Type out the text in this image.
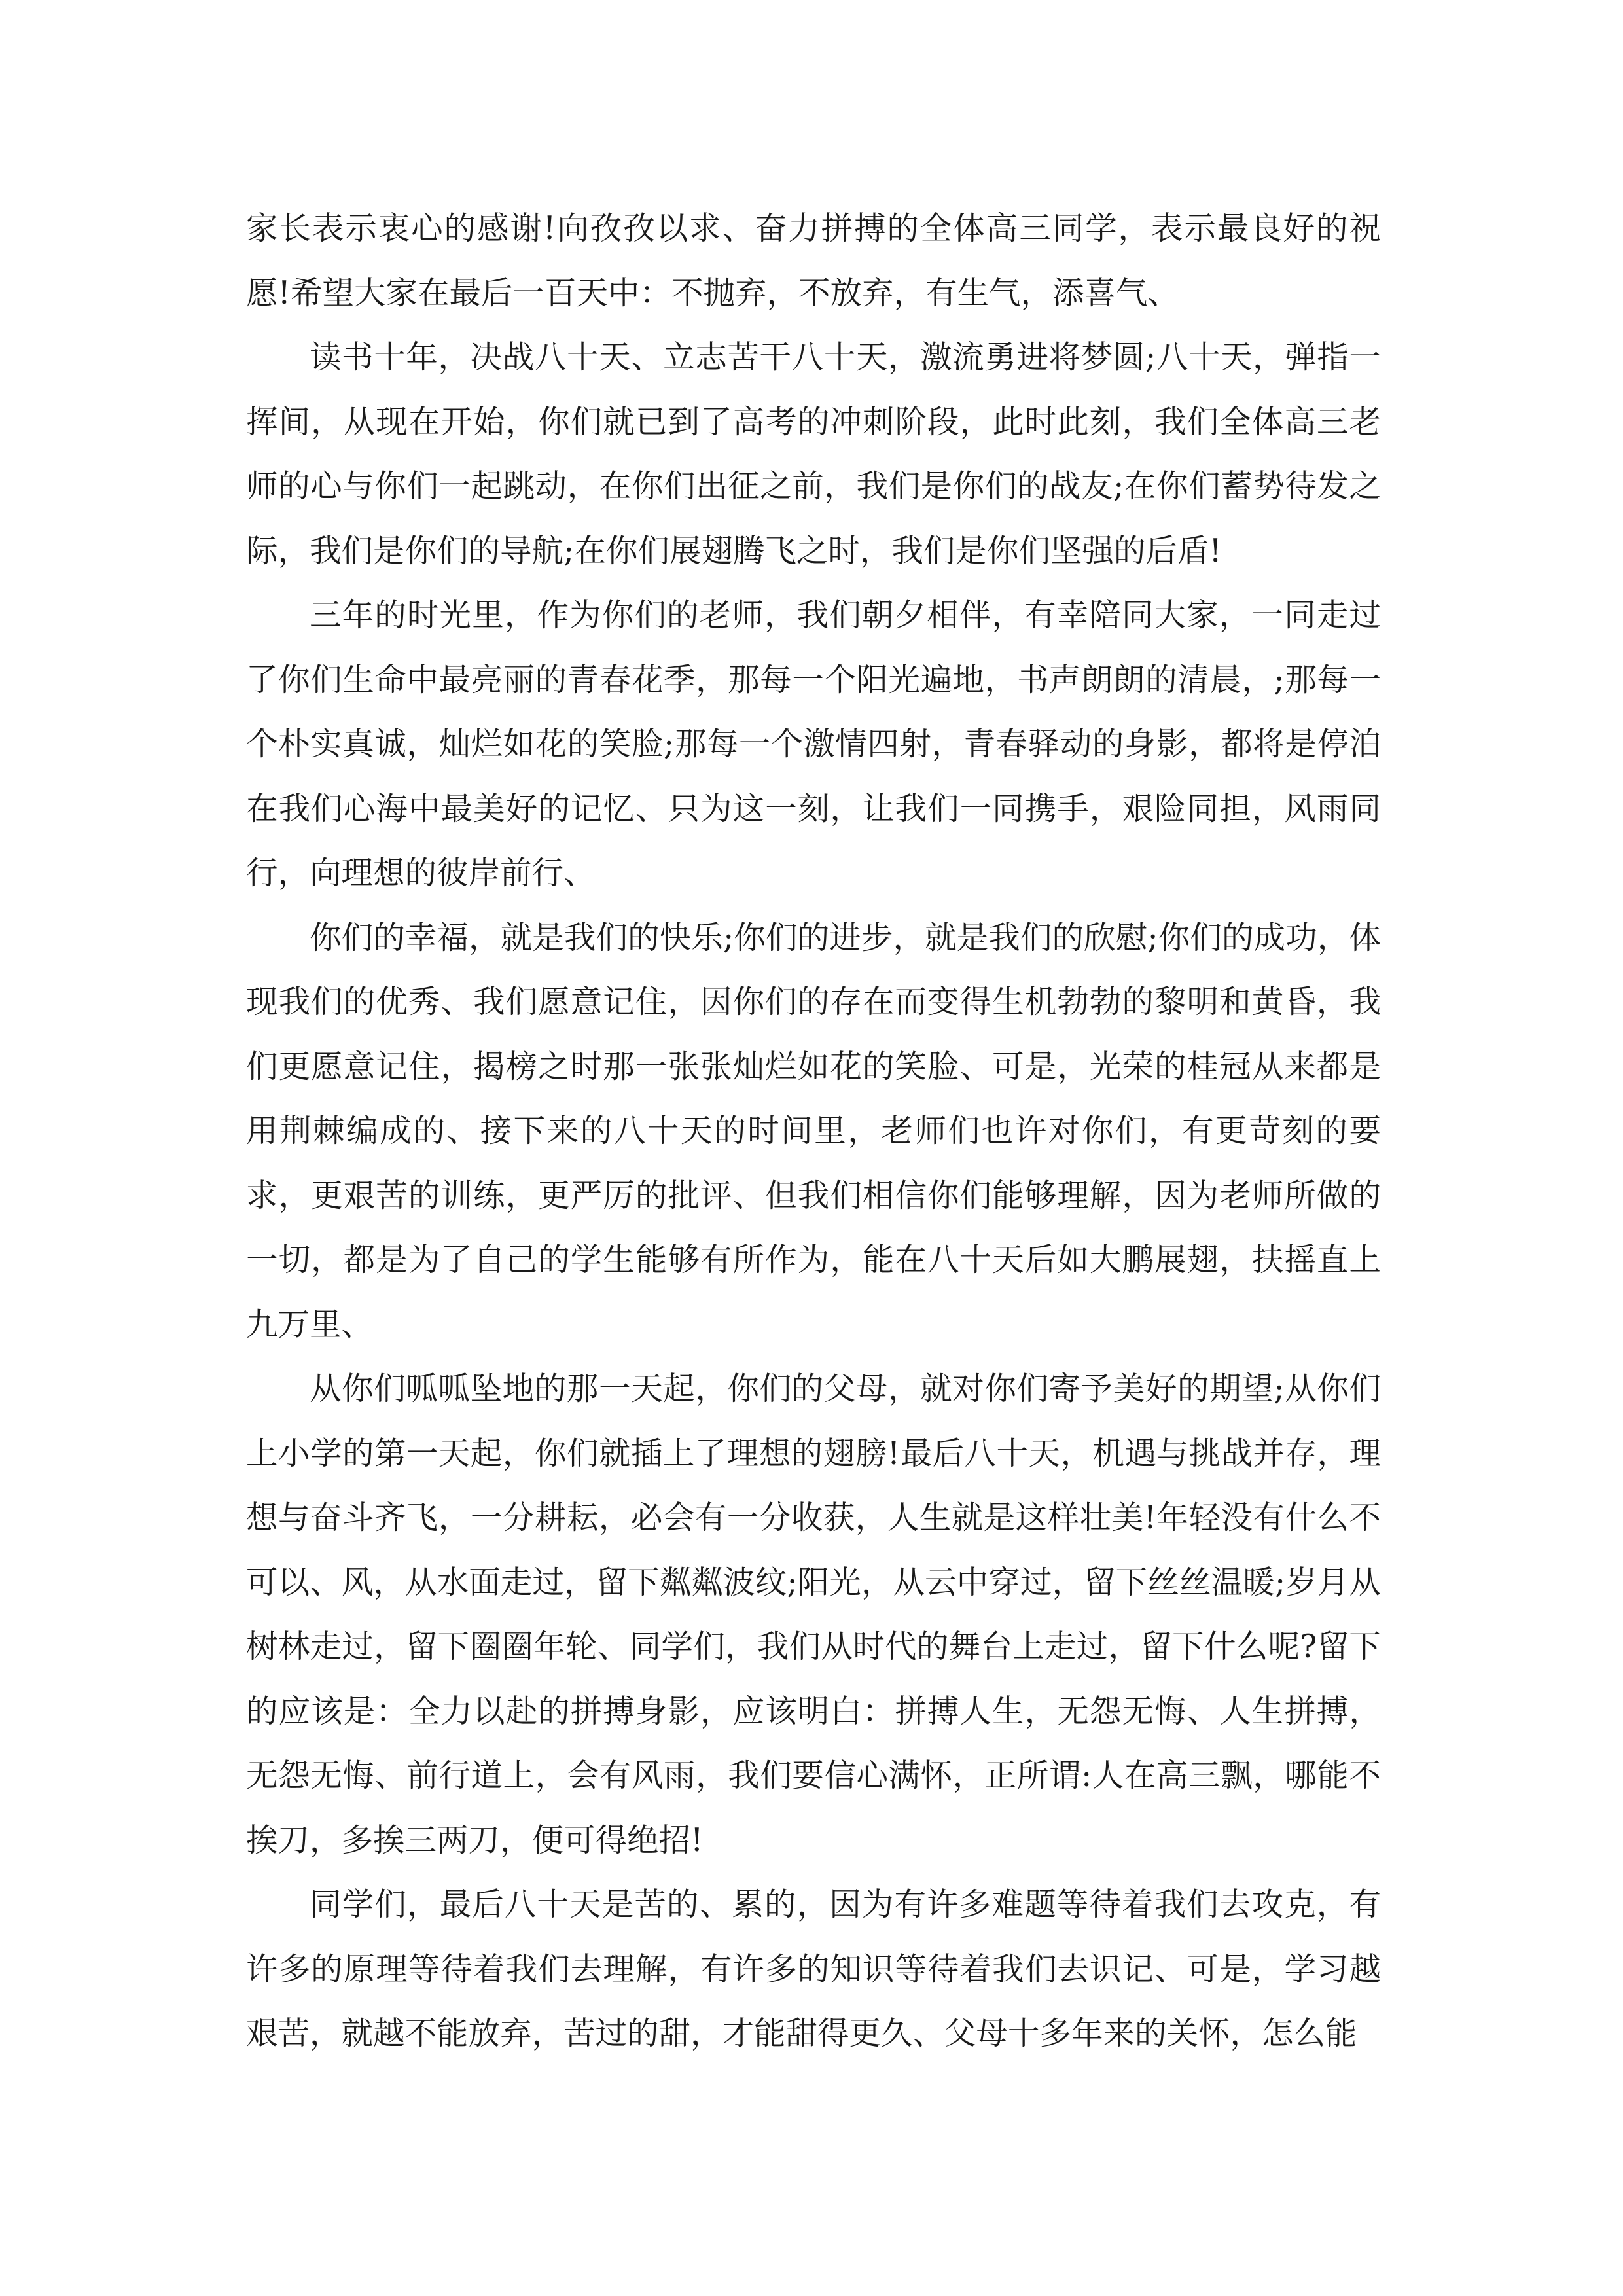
家长表示衷心的感谢!向孜孜以求、奋力拼搏的全体高三同学，表示最良好的祝愿!希望大家在最后一百天中：不抛弃，不放弃，有生气，添喜气、

读书十年，决战八十天、立志苦干八十天，激流勇进将梦圆;八十天，弹指一挥间，从现在开始，你们就已到了高考的冲刺阶段，此时此刻，我们全体高三老师的心与你们一起跳动，在你们出征之前，我们是你们的战友;在你们蓄势待发之际，我们是你们的导航;在你们展翅腾飞之时，我们是你们坚强的后盾!

三年的时光里，作为你们的老师，我们朝夕相伴，有幸陪同大家，一同走过了你们生命中最亮丽的青春花季，那每一个阳光遍地，书声朗朗的清晨，;那每一个朴实真诚，灿烂如花的笑脸;那每一个激情四射，青春驿动的身影，都将是停泊在我们心海中最美好的记忆、只为这一刻，让我们一同携手，艰险同担，风雨同行，向理想的彼岸前行、

你们的幸福，就是我们的快乐;你们的进步，就是我们的欣慰;你们的成功，体现我们的优秀、我们愿意记住，因你们的存在而变得生机勃勃的黎明和黄昏，我们更愿意记住，揭榜之时那一张张灿烂如花的笑脸、可是，光荣的桂冠从来都是用荆棘编成的、接下来的八十天的时间里，老师们也许对你们，有更苛刻的要求，更艰苦的训练，更严厉的批评、但我们相信你们能够理解，因为老师所做的一切，都是为了自己的学生能够有所作为，能在八十天后如大鹏展翅，扶摇直上九万里、

从你们呱呱坠地的那一天起，你们的父母，就对你们寄予美好的期望;从你们上小学的第一天起，你们就插上了理想的翅膀!最后八十天，机遇与挑战并存，理想与奋斗齐飞，一分耕耘，必会有一分收获，人生就是这样壮美!年轻没有什么不可以、风，从水面走过，留下粼粼波纹;阳光，从云中穿过，留下丝丝温暖;岁月从树林走过，留下圈圈年轮、同学们，我们从时代的舞台上走过，留下什么呢?留下的应该是：全力以赴的拼搏身影，应该明白：拼搏人生，无怨无悔、人生拼搏，无怨无悔、前行道上，会有风雨，我们要信心满怀，正所谓:人在高三飘，哪能不挨刀，多挨三两刀，便可得绝招!

同学们，最后八十天是苦的、累的，因为有许多难题等待着我们去攻克，有许多的原理等待着我们去理解，有许多的知识等待着我们去识记、可是，学习越艰苦，就越不能放弃，苦过的甜，才能甜得更久、父母十多年来的关怀，怎么能
